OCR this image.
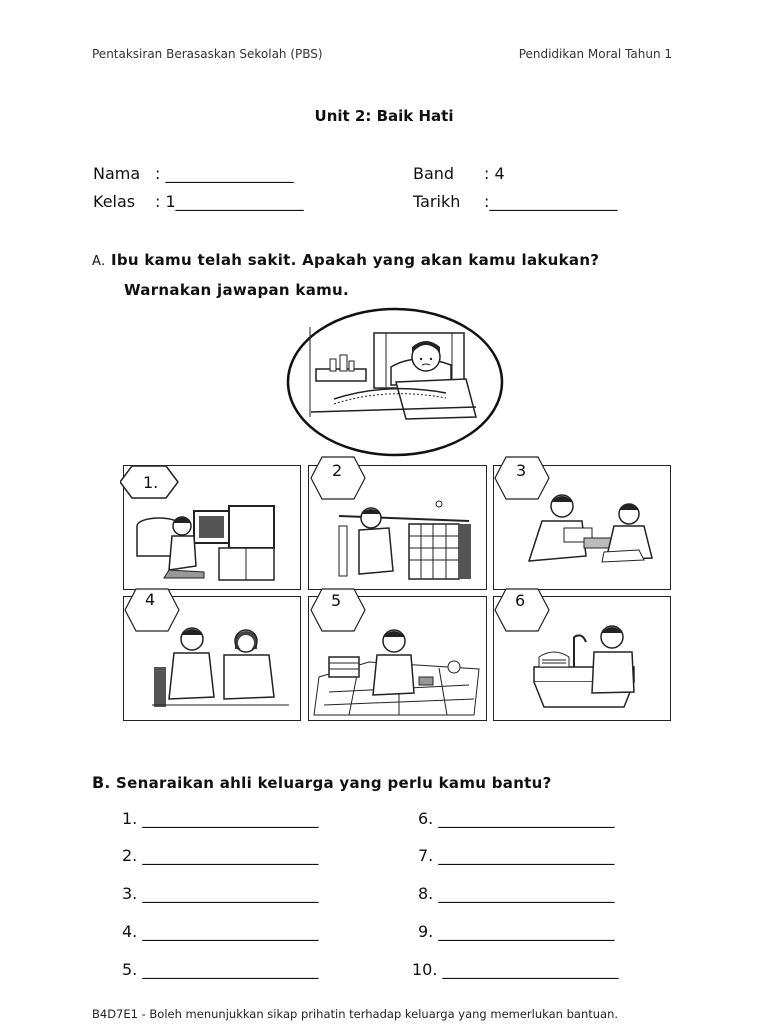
Pentaksiran Berasaskan Sekolah (PBS)	Pendidikan Moral Tahun 1
Unit 2: Baik Hati
Nama : ________________
Kelas : 1________________
Band : 4
Tarikh :________________
A. Ibu kamu telah sakit. Apakah yang akan kamu lakukan?
Warnakan jawapan kamu.
1.
2	3
4	5	6
B. Senaraikan ahli keluarga yang perlu kamu bantu?
1. ______________________
2. ______________________
3. ______________________
4. ______________________
5. ______________________
6. ______________________
7. ______________________
8. ______________________
9. ______________________
10. ______________________
B4D7E1 - Boleh menunjukkan sikap prihatin terhadap keluarga yang memerlukan bantuan.
